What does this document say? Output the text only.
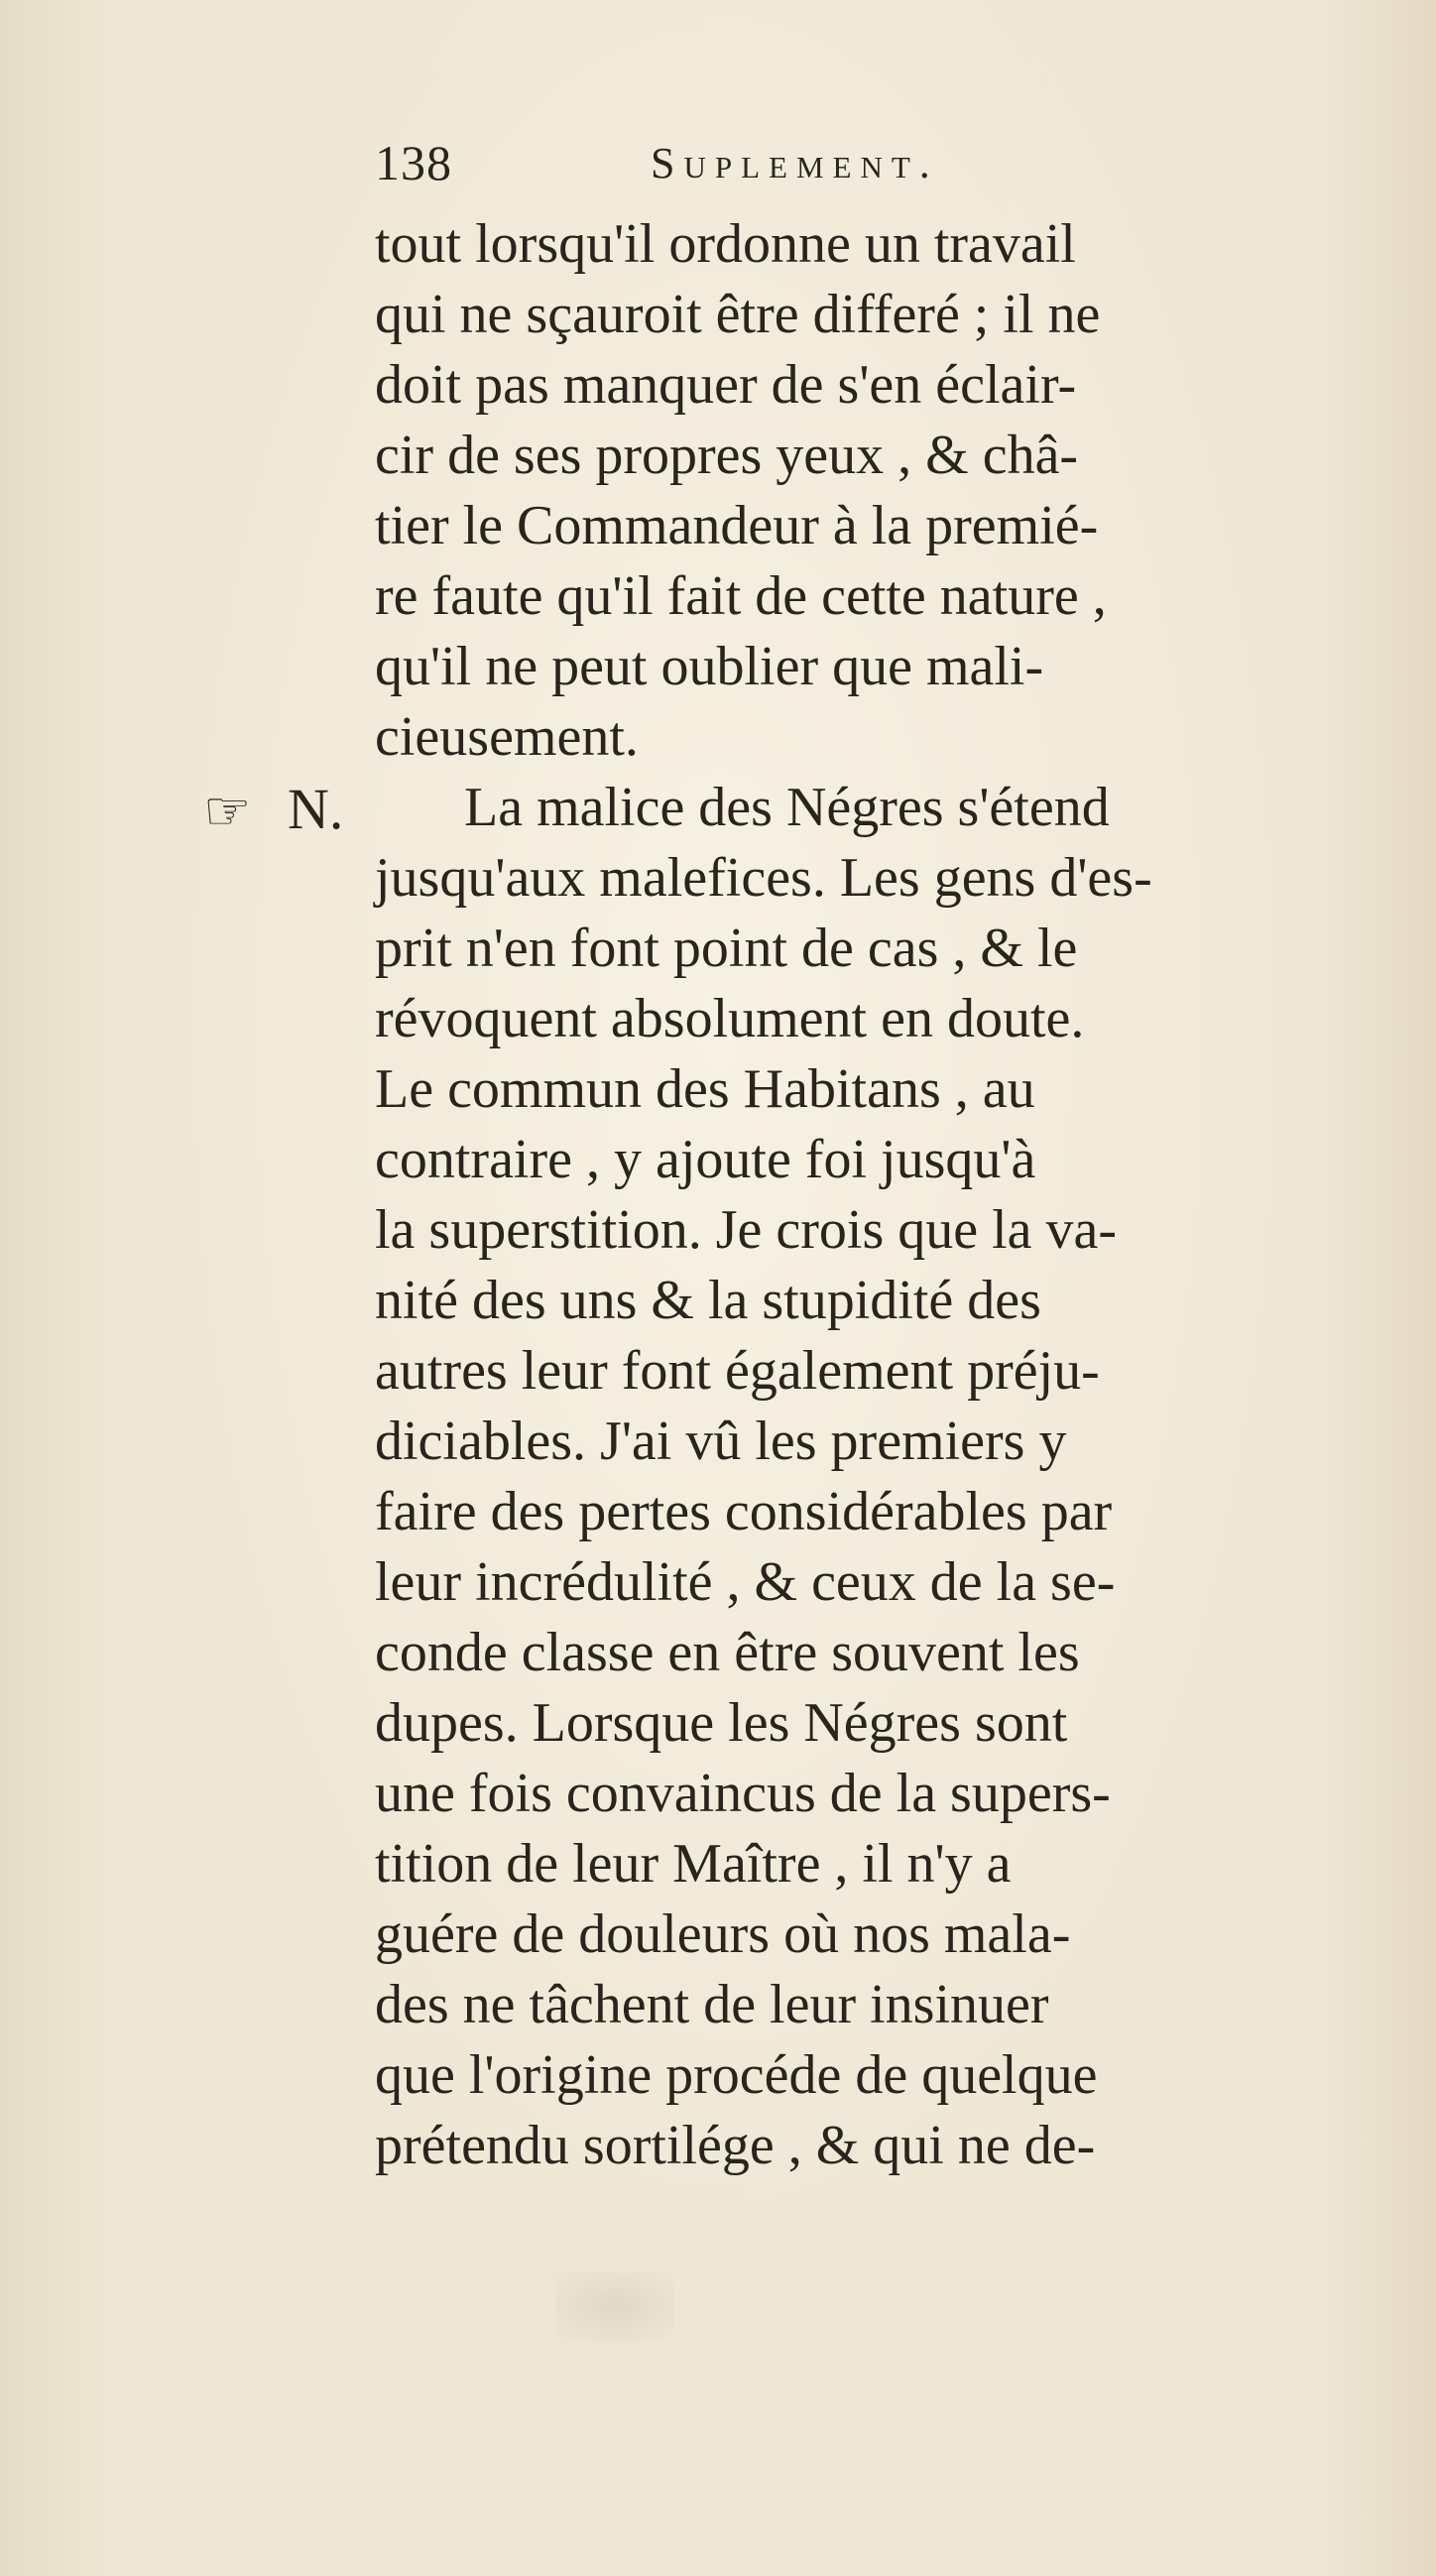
138	Suplement.
☞ N.
tout lorsqu'il ordonne un travail
qui ne sçauroit être differé ; il ne
doit pas manquer de s'en éclair-
cir de ses propres yeux , & châ-
tier le Commandeur à la premié-
re faute qu'il fait de cette nature ,
qu'il ne peut oublier que mali-
cieusement.
La malice des Négres s'étend
jusqu'aux malefices. Les gens d'es-
prit n'en font point de cas , & le
révoquent absolument en doute.
Le commun des Habitans , au
contraire , y ajoute foi jusqu'à
la superstition. Je crois que la va-
nité des uns & la stupidité des
autres leur font également préju-
diciables. J'ai vû les premiers y
faire des pertes considérables par
leur incrédulité , & ceux de la se-
conde classe en être souvent les
dupes. Lorsque les Négres sont
une fois convaincus de la supers-
tition de leur Maître , il n'y a
guére de douleurs où nos mala-
des ne tâchent de leur insinuer
que l'origine procéde de quelque
prétendu sortilége , & qui ne de-
